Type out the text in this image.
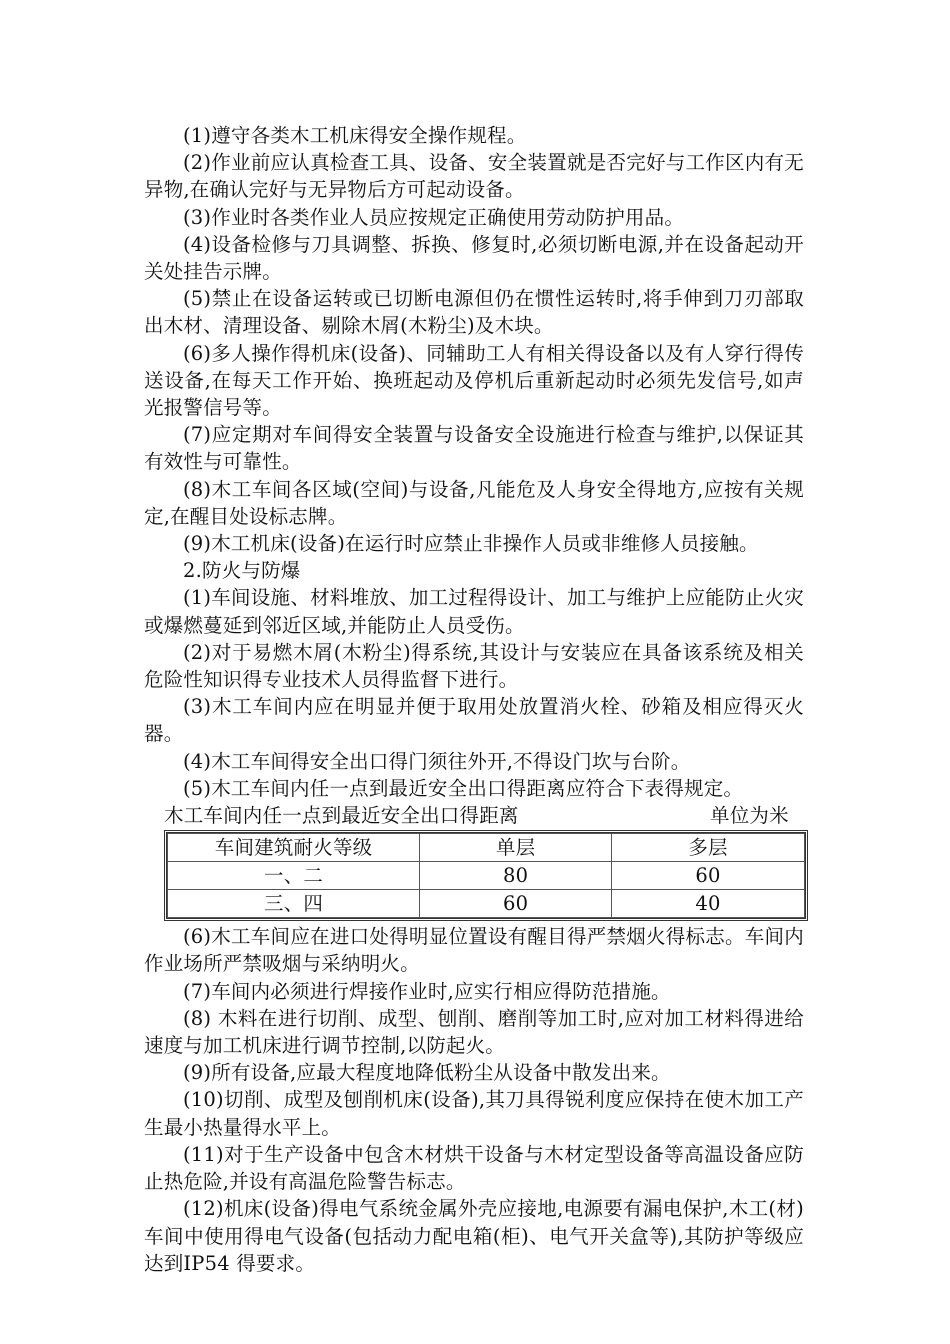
(1)遵守各类木工机床得安全操作规程。

(2)作业前应认真检查工具、设备、安全装置就是否完好与工作区内有无异物,在确认完好与无异物后方可起动设备。

(3)作业时各类作业人员应按规定正确使用劳动防护用品。

(4)设备检修与刀具调整、拆换、修复时,必须切断电源,并在设备起动开关处挂告示牌。

(5)禁止在设备运转或已切断电源但仍在惯性运转时,将手伸到刀刃部取出木材、清理设备、剔除木屑(木粉尘)及木块。

(6)多人操作得机床(设备)、同辅助工人有相关得设备以及有人穿行得传送设备,在每天工作开始、换班起动及停机后重新起动时必须先发信号,如声光报警信号等。

(7)应定期对车间得安全装置与设备安全设施进行检查与维护,以保证其有效性与可靠性。

(8)木工车间各区域(空间)与设备,凡能危及人身安全得地方,应按有关规定,在醒目处设标志牌。

(9)木工机床(设备)在运行时应禁止非操作人员或非维修人员接触。

2.防火与防爆

(1)车间设施、材料堆放、加工过程得设计、加工与维护上应能防止火灾或爆燃蔓延到邻近区域,并能防止人员受伤。

(2)对于易燃木屑(木粉尘)得系统,其设计与安装应在具备该系统及相关危险性知识得专业技术人员得监督下进行。

(3)木工车间内应在明显并便于取用处放置消火栓、砂箱及相应得灭火器。

(4)木工车间得安全出口得门须往外开,不得设门坎与台阶。

(5)木工车间内任一点到最近安全出口得距离应符合下表得规定。

木工车间内任一点到最近安全出口得距离	单位为米
车间建筑耐火等级	单层	多层
一、二	80	60
三、四	60	40

(6)木工车间应在进口处得明显位置设有醒目得严禁烟火得标志。车间内作业场所严禁吸烟与采纳明火。

(7)车间内必须进行焊接作业时,应实行相应得防范措施。

(8) 木料在进行切削、成型、刨削、磨削等加工时,应对加工材料得进给速度与加工机床进行调节控制,以防起火。

(9)所有设备,应最大程度地降低粉尘从设备中散发出来。

(10)切削、成型及刨削机床(设备),其刀具得锐利度应保持在使木加工产生最小热量得水平上。

(11)对于生产设备中包含木材烘干设备与木材定型设备等高温设备应防止热危险,并设有高温危险警告标志。

(12)机床(设备)得电气系统金属外壳应接地,电源要有漏电保护,木工(材)车间中使用得电气设备(包括动力配电箱(柜)、电气开关盒等),其防护等级应达到IP54 得要求。
